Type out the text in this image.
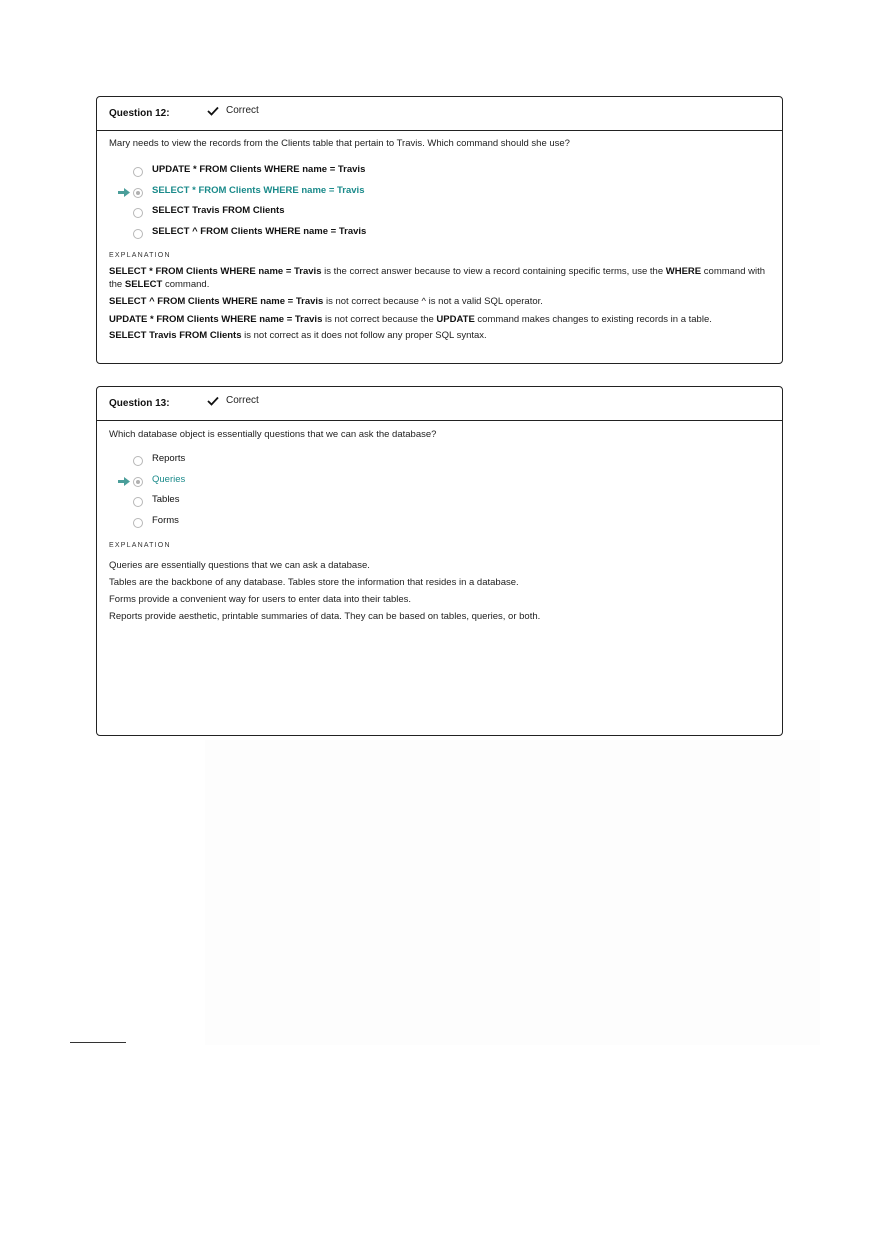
Question 12:	Correct
Mary needs to view the records from the Clients table that pertain to Travis. Which command should she use?
UPDATE * FROM Clients WHERE name = Travis
SELECT * FROM Clients WHERE name = Travis
SELECT Travis FROM Clients
SELECT ^ FROM Clients WHERE name = Travis
EXPLANATION

SELECT * FROM Clients WHERE name = Travis is the correct answer because to view a record containing specific terms, use the WHERE command with the SELECT command.

SELECT ^ FROM Clients WHERE name = Travis is not correct because ^ is not a valid SQL operator.

UPDATE * FROM Clients WHERE name = Travis is not correct because the UPDATE command makes changes to existing records in a table.

SELECT Travis FROM Clients is not correct as it does not follow any proper SQL syntax.

Question 13:	Correct
Which database object is essentially questions that we can ask the database?
Reports
Queries
Tables
Forms
EXPLANATION

Queries are essentially questions that we can ask a database.

Tables are the backbone of any database. Tables store the information that resides in a database.

Forms provide a convenient way for users to enter data into their tables.

Reports provide aesthetic, printable summaries of data. They can be based on tables, queries, or both.
